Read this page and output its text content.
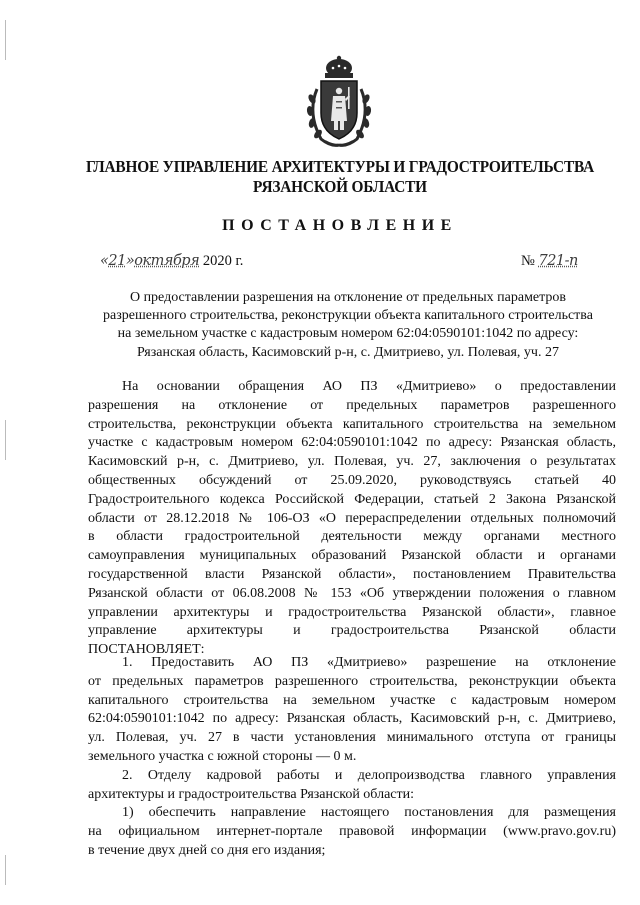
ГЛАВНОЕ УПРАВЛЕНИЕ АРХИТЕКТУРЫ И ГРАДОСТРОИТЕЛЬСТВА
РЯЗАНСКОЙ ОБЛАСТИ
ПОСТАНОВЛЕНИЕ
«21»октября 2020 г.	№ 721-п
О предоставлении разрешения на отклонение от предельных параметров
разрешенного строительства, реконструкции объекта капитального строительства
на земельном участке с кадастровым номером 62:04:0590101:1042 по адресу:
Рязанская область, Касимовский р-н, с. Дмитриево, ул. Полевая, уч. 27
На основании обращения АО ПЗ «Дмитриево» о предоставлении
разрешения на отклонение от предельных параметров разрешенного
строительства, реконструкции объекта капитального строительства на земельном
участке с кадастровым номером 62:04:0590101:1042 по адресу: Рязанская область,
Касимовский р-н, с. Дмитриево, ул. Полевая, уч. 27, заключения о результатах
общественных обсуждений от 25.09.2020, руководствуясь статьей 40
Градостроительного кодекса Российской Федерации, статьей 2 Закона Рязанской
области от 28.12.2018 № 106-ОЗ «О перераспределении отдельных полномочий
в области градостроительной деятельности между органами местного
самоуправления муниципальных образований Рязанской области и органами
государственной власти Рязанской области», постановлением Правительства
Рязанской области от 06.08.2008 № 153 «Об утверждении положения о главном
управлении архитектуры и градостроительства Рязанской области», главное
управление архитектуры и градостроительства Рязанской области
ПОСТАНОВЛЯЕТ:
1. Предоставить АО ПЗ «Дмитриево» разрешение на отклонение
от предельных параметров разрешенного строительства, реконструкции объекта
капитального строительства на земельном участке с кадастровым номером
62:04:0590101:1042 по адресу: Рязанская область, Касимовский р-н, с. Дмитриево,
ул. Полевая, уч. 27 в части установления минимального отступа от границы
земельного участка с южной стороны — 0 м.
2. Отделу кадровой работы и делопроизводства главного управления
архитектуры и градостроительства Рязанской области:
1) обеспечить направление настоящего постановления для размещения
на официальном интернет-портале правовой информации (www.pravo.gov.ru)
в течение двух дней со дня его издания;
